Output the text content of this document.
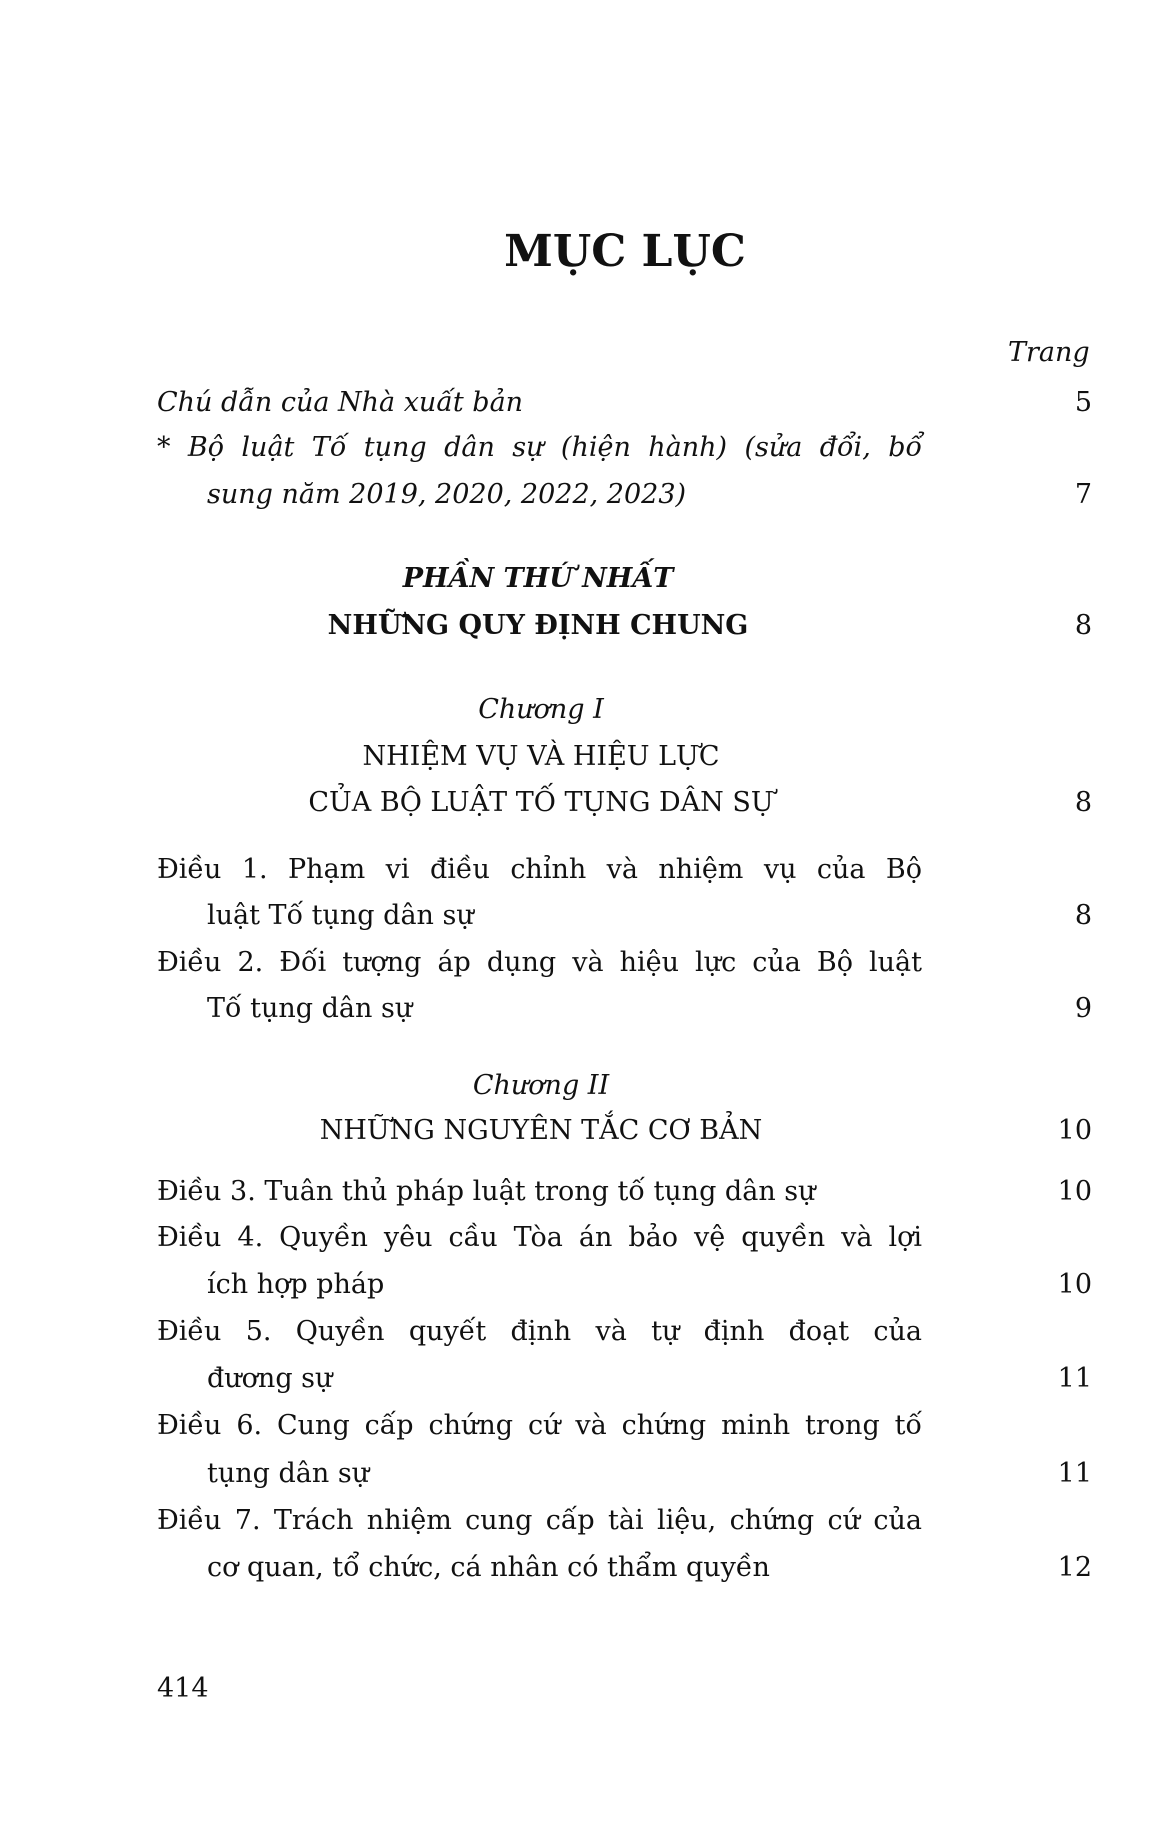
MỤC LỤC
Trang
Chú dẫn của Nhà xuất bản	5
* Bộ luật Tố tụng dân sự (hiện hành) (sửa đổi, bổ
sung năm 2019, 2020, 2022, 2023)	7
PHẦN THỨ NHẤT
NHỮNG QUY ĐỊNH CHUNG	8
Chương I
NHIỆM VỤ VÀ HIỆU LỰC
CỦA BỘ LUẬT TỐ TỤNG DÂN SỰ	8
Điều 1. Phạm vi điều chỉnh và nhiệm vụ của Bộ
luật Tố tụng dân sự	8
Điều 2. Đối tượng áp dụng và hiệu lực của Bộ luật
Tố tụng dân sự	9
Chương II
NHỮNG NGUYÊN TẮC CƠ BẢN	10
Điều 3. Tuân thủ pháp luật trong tố tụng dân sự	10
Điều 4. Quyền yêu cầu Tòa án bảo vệ quyền và lợi
ích hợp pháp	10
Điều 5. Quyền quyết định và tự định đoạt của
đương sự	11
Điều 6. Cung cấp chứng cứ và chứng minh trong tố
tụng dân sự	11
Điều 7. Trách nhiệm cung cấp tài liệu, chứng cứ của
cơ quan, tổ chức, cá nhân có thẩm quyền	12
414
